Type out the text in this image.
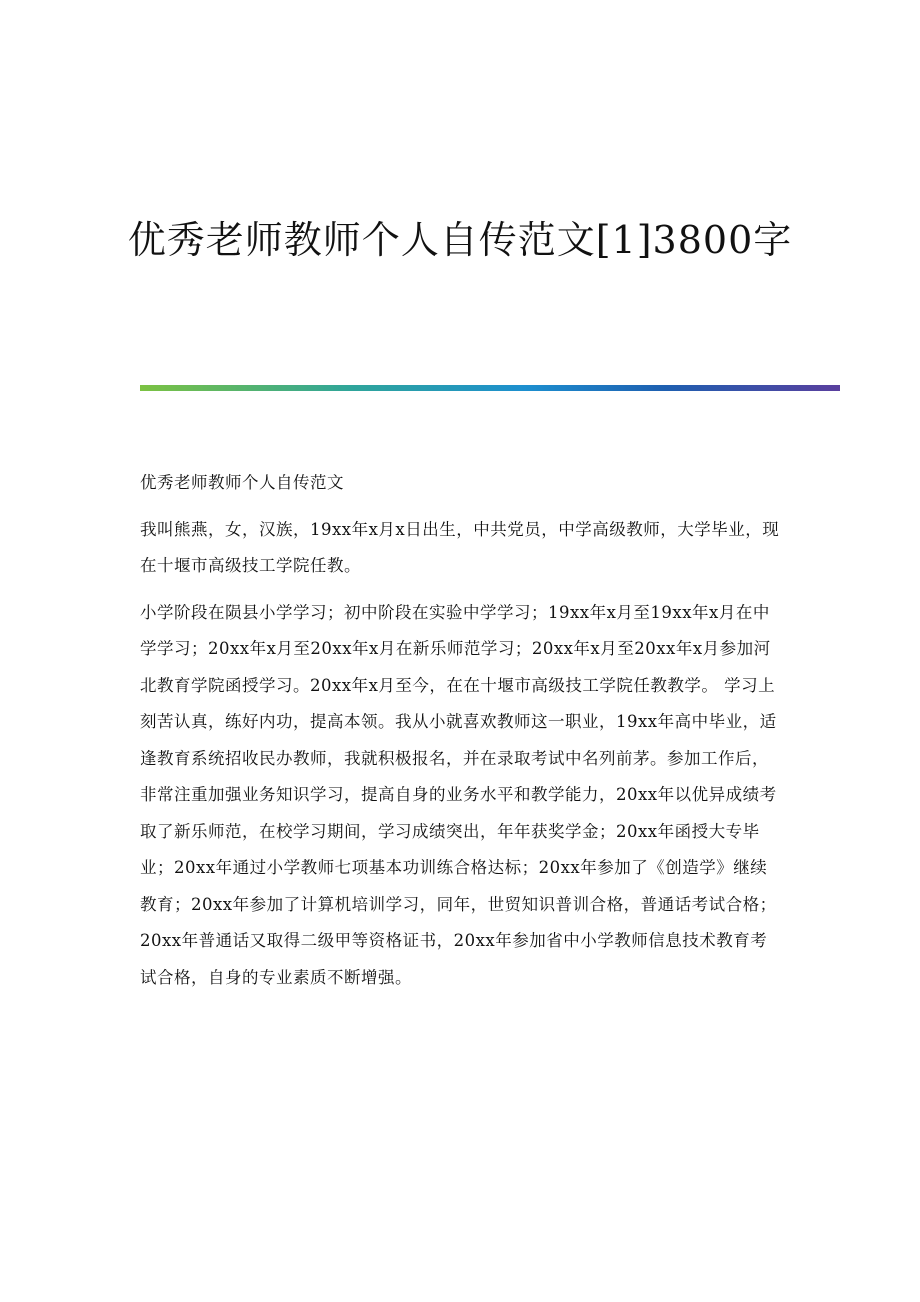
优秀老师教师个人自传范文[1]3800字

优秀老师教师个人自传范文

我叫熊燕，女，汉族，19xx年x月x日出生，中共党员，中学高级教师，大学毕业，现在十堰市高级技工学院任教。

小学阶段在陨县小学学习；初中阶段在实验中学学习；19xx年x月至19xx年x月在中学学习；20xx年x月至20xx年x月在新乐师范学习；20xx年x月至20xx年x月参加河北教育学院函授学习。20xx年x月至今，在在十堰市高级技工学院任教教学。 学习上刻苦认真，练好内功，提高本领。我从小就喜欢教师这一职业，19xx年高中毕业，适逢教育系统招收民办教师，我就积极报名，并在录取考试中名列前茅。参加工作后，非常注重加强业务知识学习，提高自身的业务水平和教学能力，20xx年以优异成绩考取了新乐师范，在校学习期间，学习成绩突出，年年获奖学金；20xx年函授大专毕业；20xx年通过小学教师七项基本功训练合格达标；20xx年参加了《创造学》继续教育；20xx年参加了计算机培训学习，同年，世贸知识普训合格，普通话考试合格；20xx年普通话又取得二级甲等资格证书，20xx年参加省中小学教师信息技术教育考试合格，自身的专业素质不断增强。
